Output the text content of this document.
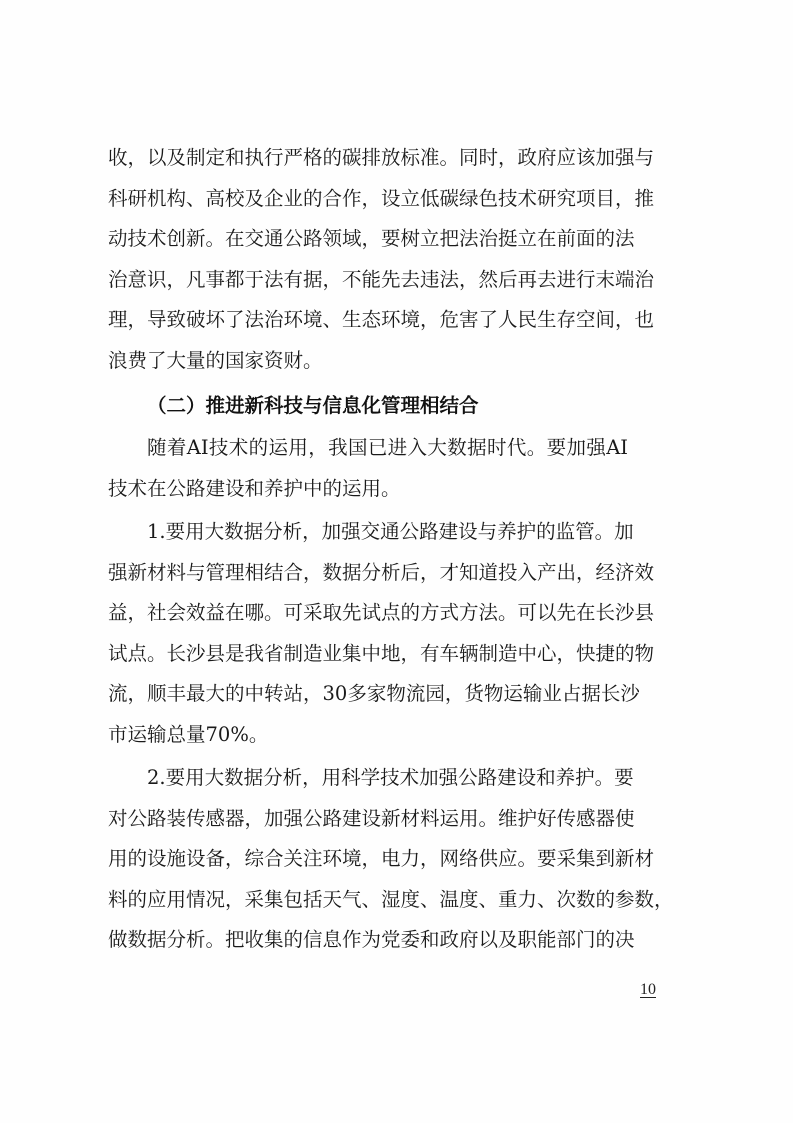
收，以及制定和执行严格的碳排放标准。同时，政府应该加强与
科研机构、高校及企业的合作，设立低碳绿色技术研究项目，推
动技术创新。在交通公路领域，要树立把法治挺立在前面的法
治意识，凡事都于法有据，不能先去违法，然后再去进行末端治
理，导致破坏了法治环境、生态环境，危害了人民生存空间，也
浪费了大量的国家资财。
（二）推进新科技与信息化管理相结合
随着AI技术的运用，我国已进入大数据时代。要加强AI
技术在公路建设和养护中的运用。
1.要用大数据分析，加强交通公路建设与养护的监管。加
强新材料与管理相结合，数据分析后，才知道投入产出，经济效
益，社会效益在哪。可采取先试点的方式方法。可以先在长沙县
试点。长沙县是我省制造业集中地，有车辆制造中心，快捷的物
流，顺丰最大的中转站，30多家物流园，货物运输业占据长沙
市运输总量70%。
2.要用大数据分析，用科学技术加强公路建设和养护。要
对公路装传感器，加强公路建设新材料运用。维护好传感器使
用的设施设备，综合关注环境，电力，网络供应。要采集到新材
料的应用情况，采集包括天气、湿度、温度、重力、次数的参数，
做数据分析。把收集的信息作为党委和政府以及职能部门的决
10
